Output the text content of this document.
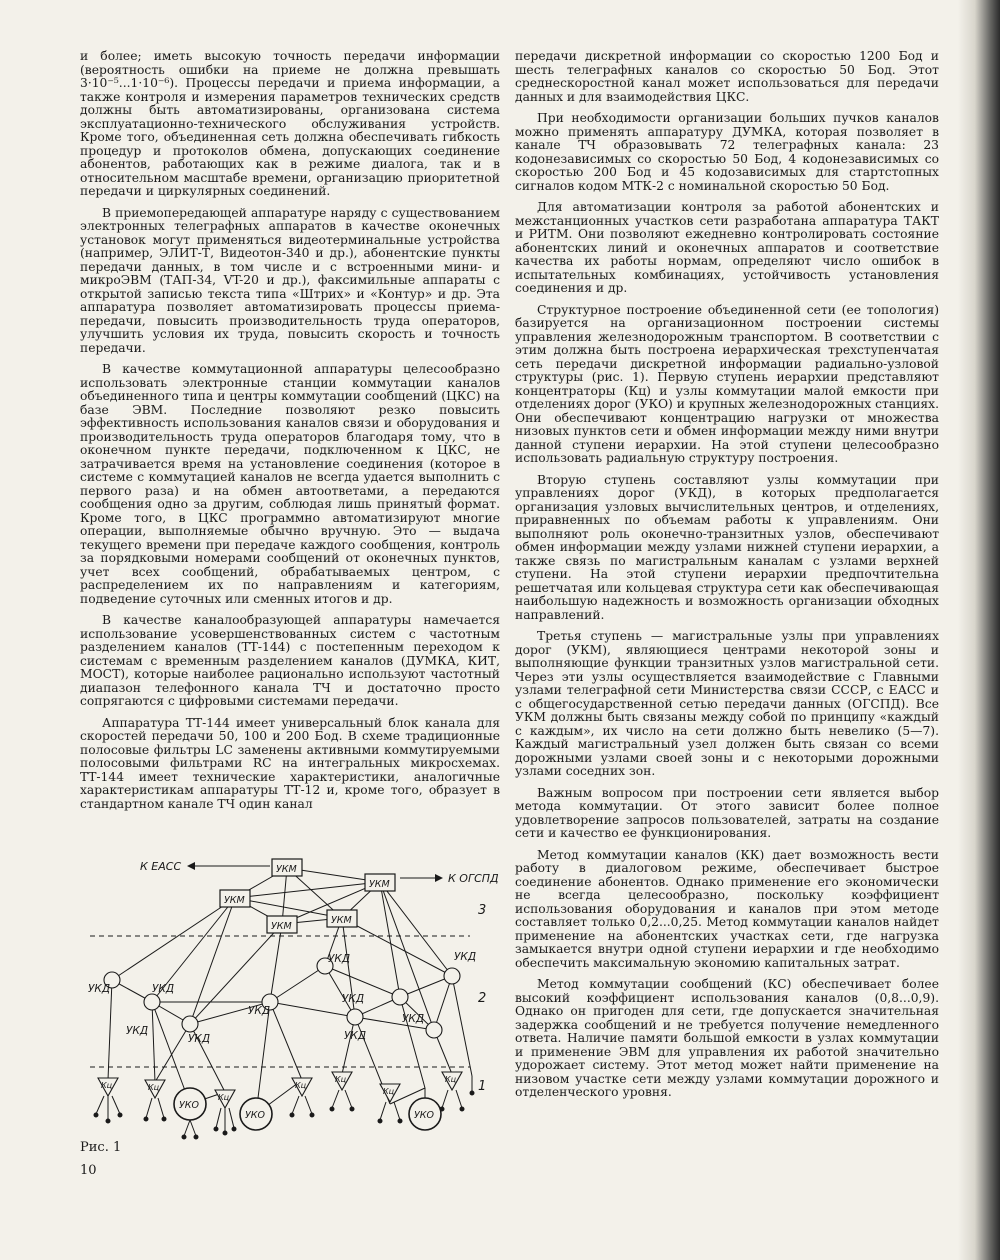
и более; иметь высокую точность передачи информации (вероятность ошибки на приеме не должна превышать 3·10⁻⁵...1·10⁻⁶). Процессы передачи и приема информации, а также контроля и измерения параметров технических средств должны быть автоматизированы, организована система эксплуатационно-технического обслуживания устройств. Кроме того, объединенная сеть должна обеспечивать гибкость процедур и протоколов обмена, допускающих соединение абонентов, работающих как в режиме диалога, так и в относительном масштабе времени, организацию приоритетной передачи и циркулярных соединений.

В приемопередающей аппаратуре наряду с существованием электронных телеграфных аппаратов в качестве оконечных установок могут применяться видеотерминальные устройства (например, ЭЛИТ-Т, Видеотон-340 и др.), абонентские пункты передачи данных, в том числе и с встроенными мини- и микроЭВМ (ТАП-34, VT-20 и др.), факсимильные аппараты с открытой записью текста типа «Штрих» и «Контур» и др. Эта аппаратура позволяет автоматизировать процессы приема-передачи, повысить производительность труда операторов, улучшить условия их труда, повысить скорость и точность передачи.

В качестве коммутационной аппаратуры целесообразно использовать электронные станции коммутации каналов объединенного типа и центры коммутации сообщений (ЦКС) на базе ЭВМ. Последние позволяют резко повысить эффективность использования каналов связи и оборудования и производительность труда операторов благодаря тому, что в оконечном пункте передачи, подключенном к ЦКС, не затрачивается время на установление соединения (которое в системе с коммутацией каналов не всегда удается выполнить с первого раза) и на обмен автоответами, а передаются сообщения одно за другим, соблюдая лишь принятый формат. Кроме того, в ЦКС программно автоматизируют многие операции, выполняемые обычно вручную. Это — выдача текущего времени при передаче каждого сообщения, контроль за порядковыми номерами сообщений от оконечных пунктов, учет всех сообщений, обрабатываемых центром, с распределением их по направлениям и категориям, подведение суточных или сменных итогов и др.

В качестве каналообразующей аппаратуры намечается использование усовершенствованных систем с частотным разделением каналов (ТТ-144) с постепенным переходом к системам с временным разделением каналов (ДУМКА, КИТ, МОСТ), которые наиболее рационально используют частотный диапазон телефонного канала ТЧ и достаточно просто сопрягаются с цифровыми системами передачи.

Аппаратура ТТ-144 имеет универсальный блок канала для скоростей передачи 50, 100 и 200 Бод. В схеме традиционные полосовые фильтры LC заменены активными коммутируемыми полосовыми фильтрами RC на интегральных микросхемах. ТТ-144 имеет технические характеристики, аналогичные характеристикам аппаратуры ТТ-12 и, кроме того, образует в стандартном канале ТЧ один канал

передачи дискретной информации со скоростью 1200 Бод и шесть телеграфных каналов со скоростью 50 Бод. Этот среднескоростной канал может использоваться для передачи данных и для взаимодействия ЦКС.

При необходимости организации больших пучков каналов можно применять аппаратуру ДУМКА, которая позволяет в канале ТЧ образовывать 72 телеграфных канала: 23 кодонезависимых со скоростью 50 Бод, 4 кодонезависимых со скоростью 200 Бод и 45 кодозависимых для стартстопных сигналов кодом МТК-2 с номинальной скоростью 50 Бод.

Для автоматизации контроля за работой абонентских и межстанционных участков сети разработана аппаратура ТАКТ и РИТМ. Они позволяют ежедневно контролировать состояние абонентских линий и оконечных аппаратов и соответствие качества их работы нормам, определяют число ошибок в испытательных комбинациях, устойчивость установления соединения и др.

Структурное построение объединенной сети (ее топология) базируется на организационном построении системы управления железнодорожным транспортом. В соответствии с этим должна быть построена иерархическая трехступенчатая сеть передачи дискретной информации радиально-узловой структуры (рис. 1). Первую ступень иерархии представляют концентраторы (Кц) и узлы коммутации малой емкости при отделениях дорог (УКО) и крупных железнодорожных станциях. Они обеспечивают концентрацию нагрузки от множества низовых пунктов сети и обмен информации между ними внутри данной ступени иерархии. На этой ступени целесообразно использовать радиальную структуру построения.

Вторую ступень составляют узлы коммутации при управлениях дорог (УКД), в которых предполагается организация узловых вычислительных центров, и отделениях, приравненных по объемам работы к управлениям. Они выполняют роль оконечно-транзитных узлов, обеспечивают обмен информации между узлами нижней ступени иерархии, а также связь по магистральным каналам с узлами верхней ступени. На этой ступени иерархии предпочтительна решетчатая или кольцевая структура сети как обеспечивающая наибольшую надежность и возможность организации обходных направлений.

Третья ступень — магистральные узлы при управлениях дорог (УКМ), являющиеся центрами некоторой зоны и выполняющие функции транзитных узлов магистральной сети. Через эти узлы осуществляется взаимодействие с Главными узлами телеграфной сети Министерства связи СССР, с ЕАСС и с общегосударственной сетью передачи данных (ОГСПД). Все УКМ должны быть связаны между собой по принципу «каждый с каждым», их число на сети должно быть невелико (5—7). Каждый магистральный узел должен быть связан со всеми дорожными узлами своей зоны и с некоторыми дорожными узлами соседних зон.

Важным вопросом при построении сети является выбор метода коммутации. От этого зависит более полное удовлетворение запросов пользователей, затраты на создание сети и качество ее функционирования.

Метод коммутации каналов (КК) дает возможность вести работу в диалоговом режиме, обеспечивает быстрое соединение абонентов. Однако применение его экономически не всегда целесообразно, поскольку коэффициент использования оборудования и каналов при этом методе составляет только 0,2...0,25. Метод коммутации каналов найдет применение на абонентских участках сети, где нагрузка замыкается внутри одной ступени иерархии и где необходимо обеспечить максимальную экономию капитальных затрат.

Метод коммутации сообщений (КС) обеспечивает более высокий коэффициент использования каналов (0,8...0,9). Однако он пригоден для сети, где допускается значительная задержка сообщений и не требуется получение немедленного ответа. Наличие памяти большой емкости в узлах коммутации и применение ЭВМ для управления их работой значительно удорожает систему. Этот метод может найти применение на низовом участке сети между узлами коммутации дорожного и отделенческого уровня.

УКМ
УКМ
УКМ
УКМ
УКМ
УКО
УКО	УКО
Кц	Кц
Кц
Кц
Кц
Кц
Кц
К ЕАСС
К ОГСПД
УКД	УКД
УКД
УКД
УКД
УКД
УКД
УКД
УКД
УКД
3
2
1
Рис. 1
10
